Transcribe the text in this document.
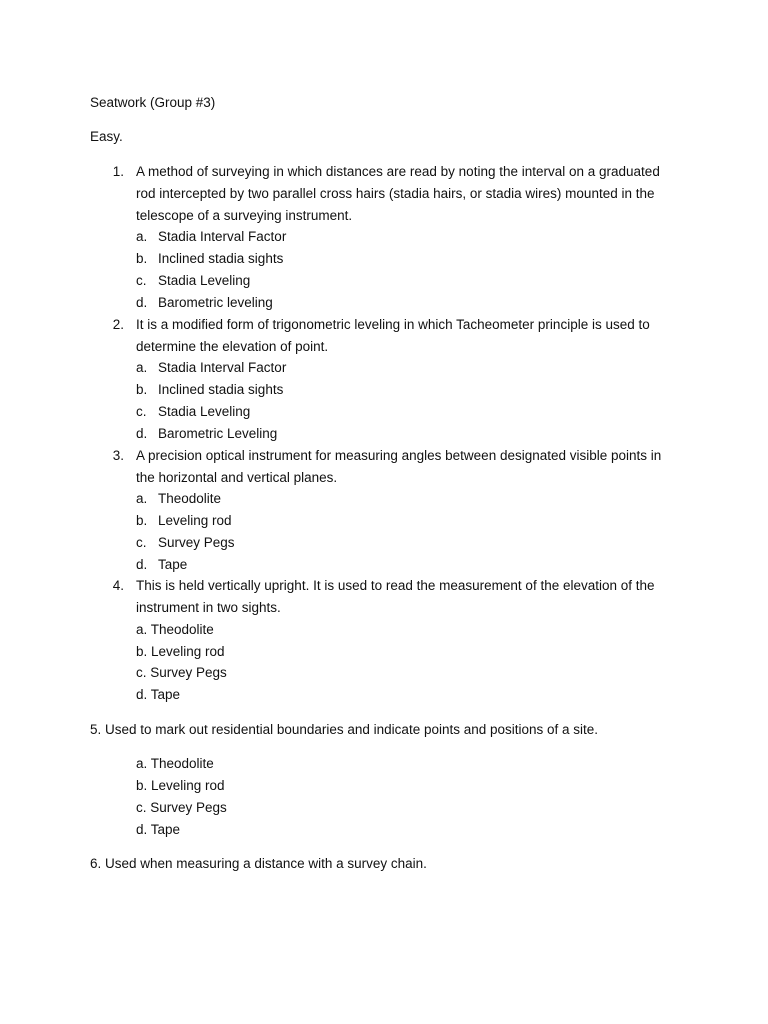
Seatwork (Group #3)
Easy.
1. A method of surveying in which distances are read by noting the interval on a graduated
rod intercepted by two parallel cross hairs (stadia hairs, or stadia wires) mounted in the
telescope of a surveying instrument.
a. Stadia Interval Factor
b. Inclined stadia sights
c. Stadia Leveling
d. Barometric leveling
2. It is a modified form of trigonometric leveling in which Tacheometer principle is used to
determine the elevation of point.
a. Stadia Interval Factor
b. Inclined stadia sights
c. Stadia Leveling
d. Barometric Leveling
3. A precision optical instrument for measuring angles between designated visible points in
the horizontal and vertical planes.
a. Theodolite
b. Leveling rod
c. Survey Pegs
d. Tape
4. This is held vertically upright. It is used to read the measurement of the elevation of the
instrument in two sights.
a. Theodolite
b. Leveling rod
c. Survey Pegs
d. Tape
5. Used to mark out residential boundaries and indicate points and positions of a site.
a. Theodolite
b. Leveling rod
c. Survey Pegs
d. Tape
6. Used when measuring a distance with a survey chain.
